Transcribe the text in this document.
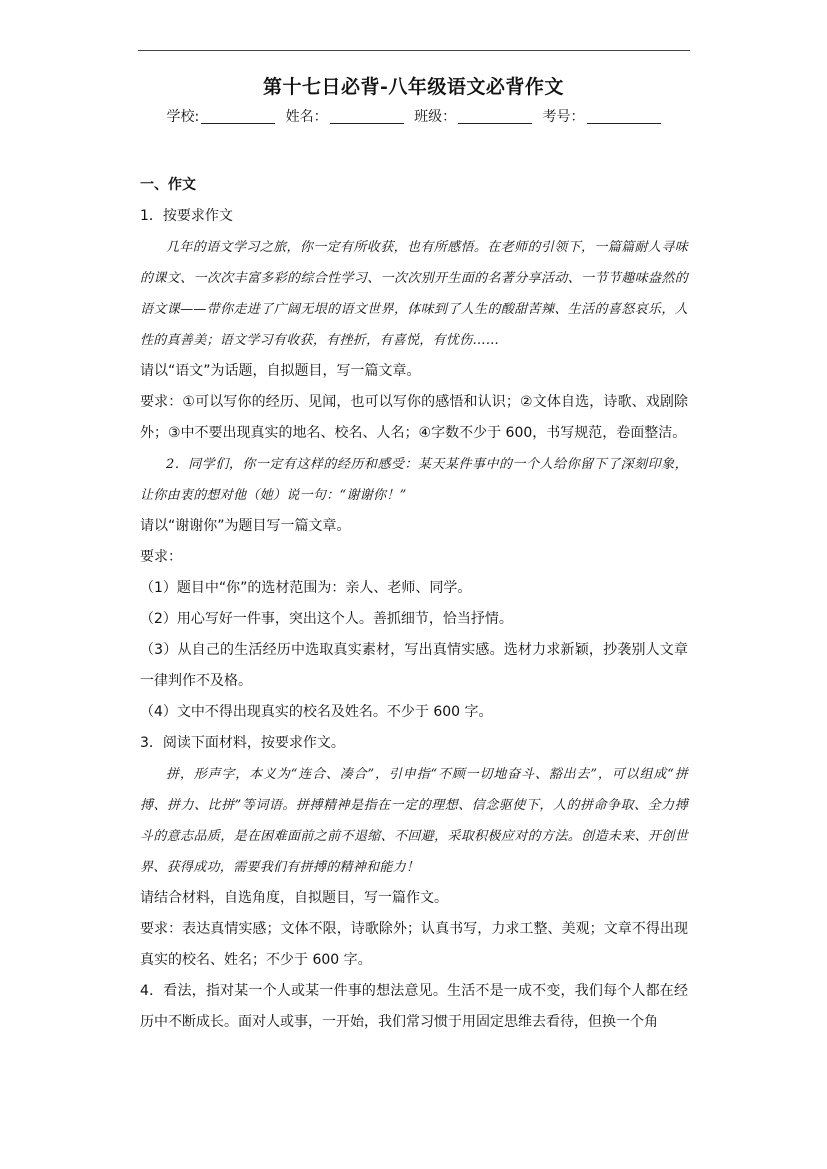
第十七日必背-八年级语文必背作文
学校:	姓名：	班级：	考号：

一、作文

1．按要求作文

几年的语文学习之旅，你一定有所收获，也有所感悟。在老师的引领下，一篇篇耐人寻味的课文、一次次丰富多彩的综合性学习、一次次别开生面的名著分享活动、一节节趣味盎然的语文课——带你走进了广阔无垠的语文世界，体味到了人生的酸甜苦辣、生活的喜怒哀乐，人性的真善美；语文学习有收获，有挫折，有喜悦，有忧伤……

请以“语文”为话题，自拟题目，写一篇文章。

要求：①可以写你的经历、见闻，也可以写你的感悟和认识；②文体自选，诗歌、戏剧除外；③中不要出现真实的地名、校名、人名；④字数不少于 600，书写规范，卷面整洁。

2．同学们，你一定有这样的经历和感受：某天某件事中的一个人给你留下了深刻印象，让你由衷的想对他（她）说一句：“谢谢你！”

请以“谢谢你”为题目写一篇文章。

要求：

（1）题目中“你”的选材范围为：亲人、老师、同学。

（2）用心写好一件事，突出这个人。善抓细节，恰当抒情。

（3）从自己的生活经历中选取真实素材，写出真情实感。选材力求新颖，抄袭别人文章一律判作不及格。

（4）文中不得出现真实的校名及姓名。不少于 600 字。

3．阅读下面材料，按要求作文。

拼，形声字，本义为“连合、凑合”，引申指“不顾一切地奋斗、豁出去”，可以组成“拼搏、拼力、比拼”等词语。拼搏精神是指在一定的理想、信念驱使下，人的拼命争取、全力搏斗的意志品质，是在困难面前之前不退缩、不回避，采取积极应对的方法。创造未来、开创世界、获得成功，需要我们有拼搏的精神和能力！

请结合材料，自选角度，自拟题目，写一篇作文。

要求：表达真情实感；文体不限，诗歌除外；认真书写，力求工整、美观；文章不得出现真实的校名、姓名；不少于 600 字。

4．看法，指对某一个人或某一件事的想法意见。生活不是一成不变，我们每个人都在经历中不断成长。面对人或事，一开始，我们常习惯于用固定思维去看待，但换一个角
